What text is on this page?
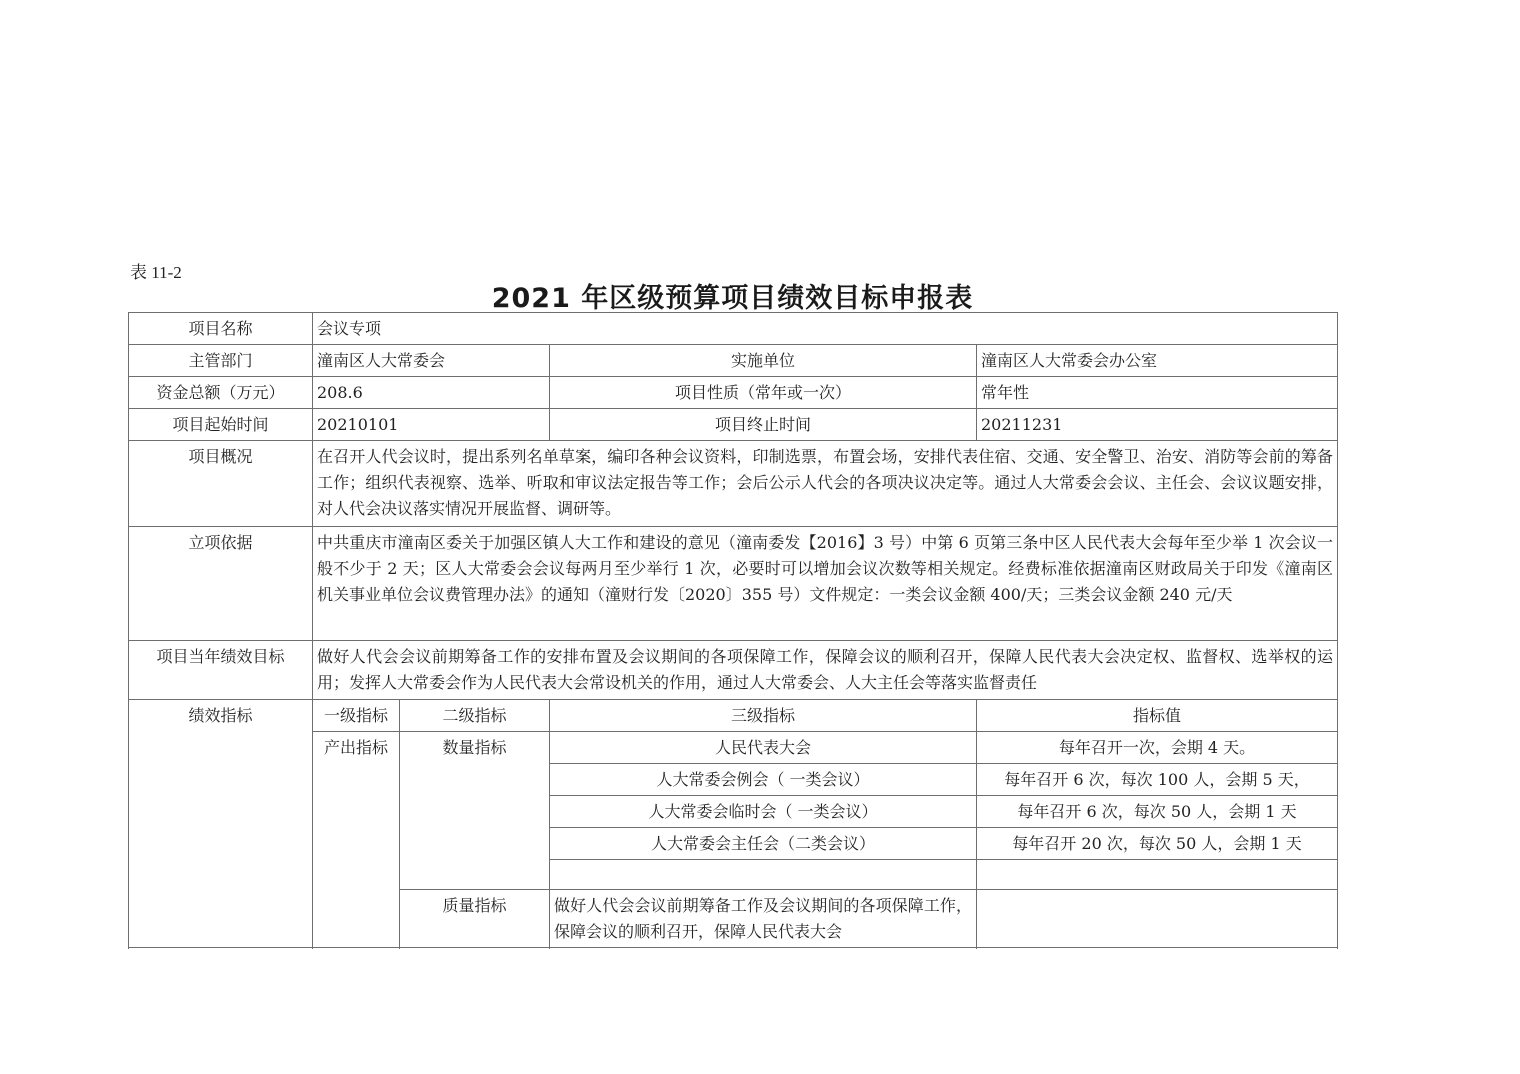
表 11-2
2021 年区级预算项目绩效目标申报表
项目名称	会议专项			
主管部门	潼南区人大常委会		实施单位	潼南区人大常委会办公室
资金总额（万元）	208.6		项目性质（常年或一次）	常年性
项目起始时间	20210101		项目终止时间	20211231
项目概况	在召开人代会议时，提出系列名单草案，编印各种会议资料，印制选票，布置会场，安排代表住宿、交通、安全警卫、治安、消防等会前的筹备工作；组织代表视察、选举、听取和审议法定报告等工作；会后公示人代会的各项决议决定等。通过人大常委会会议、主任会、会议议题安排，对人代会决议落实情况开展监督、调研等。			
立项依据	中共重庆市潼南区委关于加强区镇人大工作和建设的意见（潼南委发【2016】3 号）中第 6 页第三条中区人民代表大会每年至少举 1 次会议一般不少于 2 天；区人大常委会会议每两月至少举行 1 次，必要时可以增加会议次数等相关规定。经费标准依据潼南区财政局关于印发《潼南区机关事业单位会议费管理办法》的通知（潼财行发〔2020〕355 号）文件规定：一类会议金额 400/天；三类会议金额 240 元/天			
项目当年绩效目标	做好人代会会议前期筹备工作的安排布置及会议期间的各项保障工作，保障会议的顺利召开，保障人民代表大会决定权、监督权、选举权的运用；发挥人大常委会作为人民代表大会常设机关的作用，通过人大常委会、人大主任会等落实监督责任			
绩效指标	一级指标	二级指标	三级指标	指标值
	产出指标	数量指标	人民代表大会	每年召开一次，会期 4 天。
			人大常委会例会（ 一类会议）	每年召开 6 次，每次 100 人，会期 5 天，
			人大常委会临时会（ 一类会议）	每年召开 6 次，每次 50 人，会期 1 天
			人大常委会主任会（二类会议）	每年召开 20 次，每次 50 人，会期 1 天

		质量指标	做好人代会会议前期筹备工作及会议期间的各项保障工作，保障会议的顺利召开，保障人民代表大会	
